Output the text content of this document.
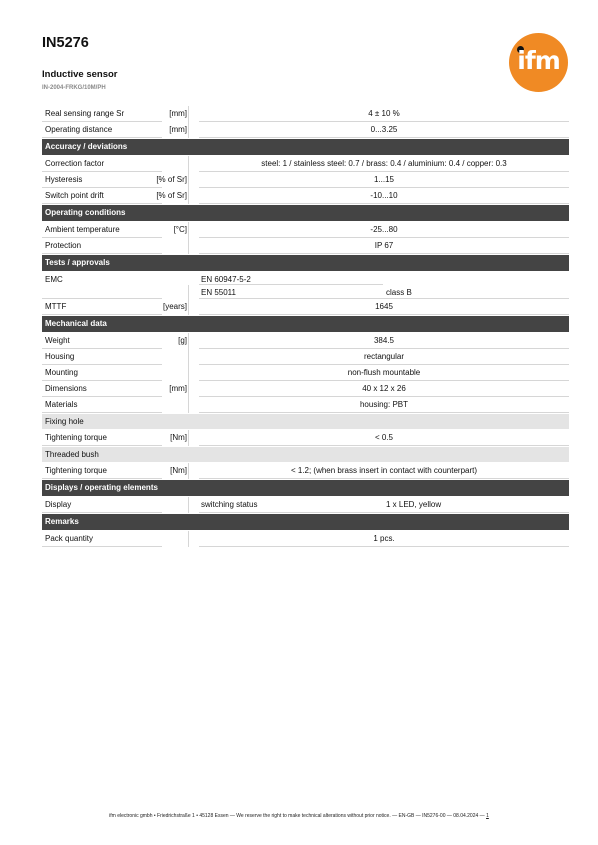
IN5276
Inductive sensor
IN-2004-FRKG/10M/PH
ifm
Real sensing range Sr	[mm]	4 ± 10 %
Operating distance	[mm]	0...3.25
Accuracy / deviations
Correction factor	steel: 1 / stainless steel: 0.7 / brass: 0.4 / aluminium: 0.4 / copper: 0.3
Hysteresis	[% of Sr]	1...15
Switch point drift	[% of Sr]	-10...10
Operating conditions
Ambient temperature	[°C]	-25...80
Protection	IP 67
Tests / approvals
EMC	EN 60947-5-2
EN 55011	class B
MTTF	[years]	1645
Mechanical data
Weight	[g]	384.5
Housing	rectangular
Mounting	non-flush mountable
Dimensions	[mm]	40 x 12 x 26
Materials	housing: PBT
Fixing hole
Tightening torque	[Nm]	< 0.5
Threaded bush
Tightening torque	[Nm]	< 1.2; (when brass insert in contact with counterpart)
Displays / operating elements
Display	switching status	1 x LED, yellow
Remarks
Pack quantity	1 pcs.
ifm electronic gmbh • Friedrichstraße 1 • 45128 Essen — We reserve the right to make technical alterations without prior notice. — EN-GB — IN5276-00 — 08.04.2024 — 1
